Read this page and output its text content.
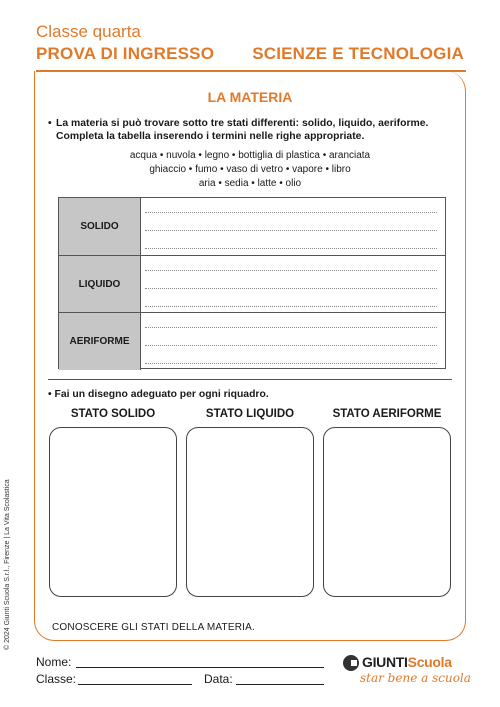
Classe quarta
PROVA DI INGRESSO SCIENZE E TECNOLOGIA
LA MATERIA
• La materia si può trovare sotto tre stati differenti: solido, liquido, aeriforme.
Completa la tabella inserendo i termini nelle righe appropriate.
acqua • nuvola • legno • bottiglia di plastica • aranciata
ghiaccio • fumo • vaso di vetro • vapore • libro
aria • sedia • latte • olio
SOLIDO
LIQUIDO
AERIFORME
• Fai un disegno adeguato per ogni riquadro.
STATO SOLIDO	STATO LIQUIDO	STATO AERIFORME
CONOSCERE GLI STATI DELLA MATERIA.
© 2024 Giunti Scuola S.r.l., Firenze | La Vita Scolastica
Nome:
Classe:	Data:
GIUNTIScuola
star bene a scuola
